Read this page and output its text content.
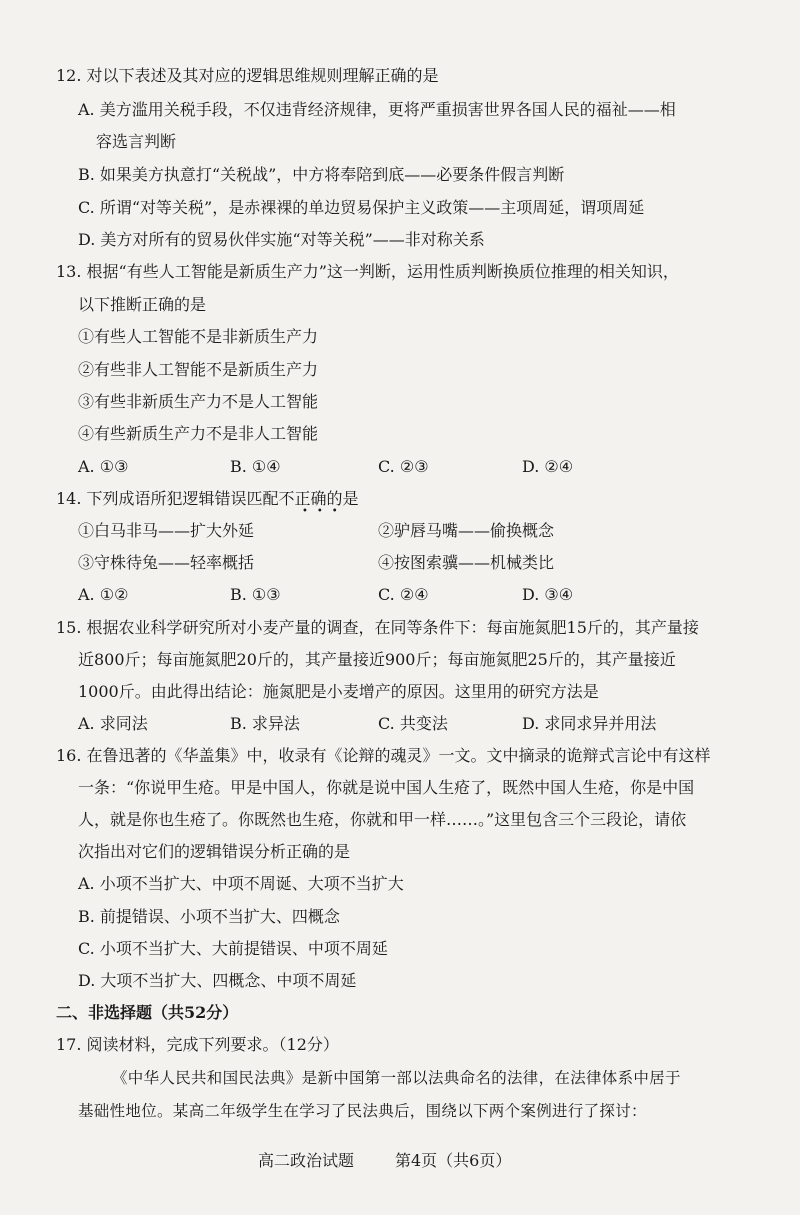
12. 对以下表述及其对应的逻辑思维规则理解正确的是
A. 美方滥用关税手段，不仅违背经济规律，更将严重损害世界各国人民的福祉——相
容选言判断
B. 如果美方执意打“关税战”，中方将奉陪到底——必要条件假言判断
C. 所谓“对等关税”，是赤裸裸的单边贸易保护主义政策——主项周延，谓项周延
D. 美方对所有的贸易伙伴实施“对等关税”——非对称关系
13. 根据“有些人工智能是新质生产力”这一判断，运用性质判断换质位推理的相关知识，
以下推断正确的是
①有些人工智能不是非新质生产力
②有些非人工智能不是新质生产力
③有些非新质生产力不是人工智能
④有些新质生产力不是非人工智能
A. ①③	B. ①④	C. ②③	D. ②④
14. 下列成语所犯逻辑错误匹配不正确的是
•••
①白马非马——扩大外延	②驴唇马嘴——偷换概念
③守株待兔——轻率概括	④按图索骥——机械类比
A. ①②	B. ①③	C. ②④	D. ③④
15. 根据农业科学研究所对小麦产量的调查，在同等条件下：每亩施氮肥15斤的，其产量接
近800斤；每亩施氮肥20斤的，其产量接近900斤；每亩施氮肥25斤的，其产量接近
1000斤。由此得出结论：施氮肥是小麦增产的原因。这里用的研究方法是
A. 求同法	B. 求异法	C. 共变法	D. 求同求异并用法
16. 在鲁迅著的《华盖集》中，收录有《论辩的魂灵》一文。文中摘录的诡辩式言论中有这样
一条：“你说甲生疮。甲是中国人，你就是说中国人生疮了，既然中国人生疮，你是中国
人，就是你也生疮了。你既然也生疮，你就和甲一样……。”这里包含三个三段论，请依
次指出对它们的逻辑错误分析正确的是
A. 小项不当扩大、中项不周诞、大项不当扩大
B. 前提错误、小项不当扩大、四概念
C. 小项不当扩大、大前提错误、中项不周延
D. 大项不当扩大、四概念、中项不周延
二、非选择题（共52分）
17. 阅读材料，完成下列要求。（12分）
《中华人民共和国民法典》是新中国第一部以法典命名的法律，在法律体系中居于
基础性地位。某高二年级学生在学习了民法典后，围绕以下两个案例进行了探讨：
高二政治试题	第4页（共6页）
